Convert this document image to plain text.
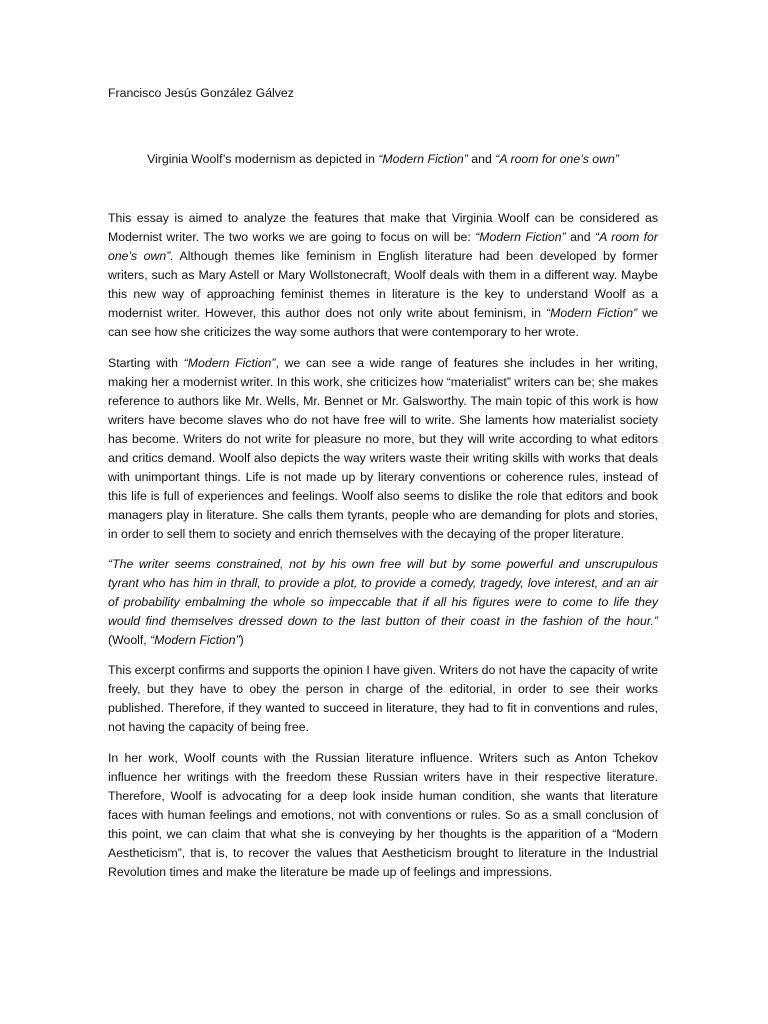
Francisco Jesús González Gálvez

Virginia Woolf’s modernism as depicted in “Modern Fiction” and “A room for one’s own”

This essay is aimed to analyze the features that make that Virginia Woolf can be considered as Modernist writer. The two works we are going to focus on will be: “Modern Fiction” and “A room for one’s own”. Although themes like feminism in English literature had been developed by former writers, such as Mary Astell or Mary Wollstonecraft, Woolf deals with them in a different way. Maybe this new way of approaching feminist themes in literature is the key to understand Woolf as a modernist writer. However, this author does not only write about feminism, in “Modern Fiction” we can see how she criticizes the way some authors that were contemporary to her wrote.

Starting with “Modern Fiction”, we can see a wide range of features she includes in her writing, making her a modernist writer. In this work, she criticizes how “materialist” writers can be; she makes reference to authors like Mr. Wells, Mr. Bennet or Mr. Galsworthy. The main topic of this work is how writers have become slaves who do not have free will to write. She laments how materialist society has become. Writers do not write for pleasure no more, but they will write according to what editors and critics demand. Woolf also depicts the way writers waste their writing skills with works that deals with unimportant things. Life is not made up by literary conventions or coherence rules, instead of this life is full of experiences and feelings. Woolf also seems to dislike the role that editors and book managers play in literature. She calls them tyrants, people who are demanding for plots and stories, in order to sell them to society and enrich themselves with the decaying of the proper literature.

“The writer seems constrained, not by his own free will but by some powerful and unscrupulous tyrant who has him in thrall, to provide a plot, to provide a comedy, tragedy, love interest, and an air of probability embalming the whole so impeccable that if all his figures were to come to life they would find themselves dressed down to the last button of their coast in the fashion of the hour.” (Woolf, “Modern Fiction”)

This excerpt confirms and supports the opinion I have given. Writers do not have the capacity of write freely, but they have to obey the person in charge of the editorial, in order to see their works published. Therefore, if they wanted to succeed in literature, they had to fit in conventions and rules, not having the capacity of being free.

In her work, Woolf counts with the Russian literature influence. Writers such as Anton Tchekov influence her writings with the freedom these Russian writers have in their respective literature. Therefore, Woolf is advocating for a deep look inside human condition, she wants that literature faces with human feelings and emotions, not with conventions or rules. So as a small conclusion of this point, we can claim that what she is conveying by her thoughts is the apparition of a “Modern Aestheticism”, that is, to recover the values that Aestheticism brought to literature in the Industrial Revolution times and make the literature be made up of feelings and impressions.
